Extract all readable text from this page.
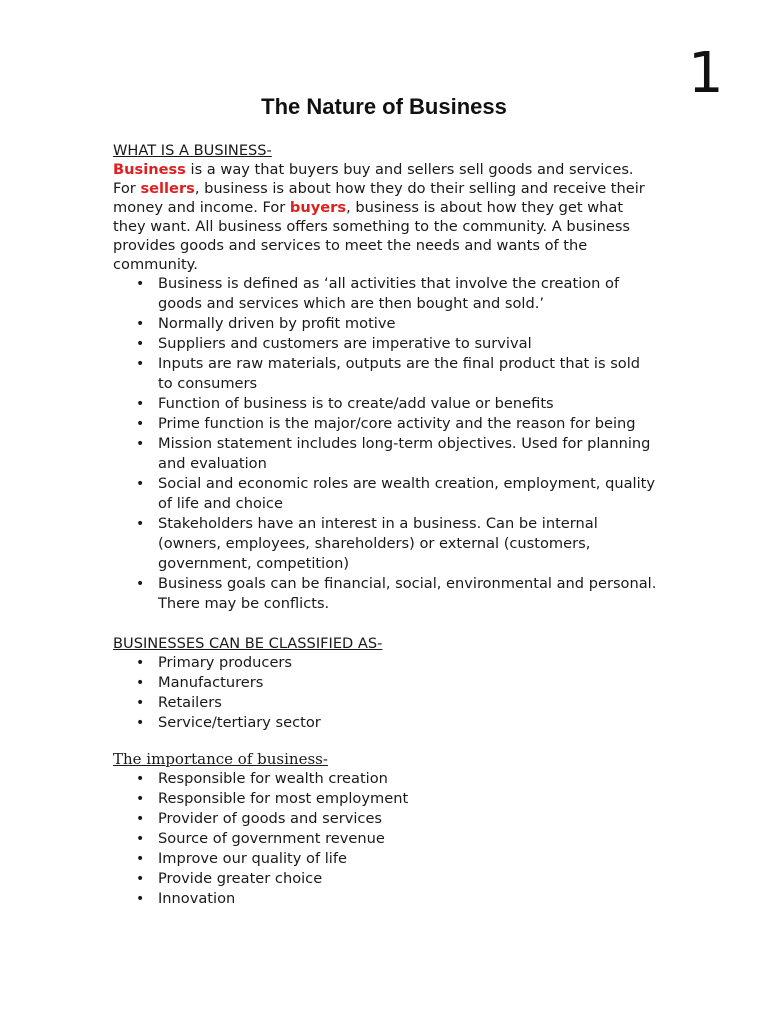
1
The Nature of Business

WHAT IS A BUSINESS-

Business is a way that buyers buy and sellers sell goods and services. For sellers, business is about how they do their selling and receive their money and income. For buyers, business is about how they get what they want. All business offers something to the community. A business provides goods and services to meet the needs and wants of the community.

• Business is defined as ‘all activities that involve the creation of goods and services which are then bought and sold.’
• Normally driven by profit motive
• Suppliers and customers are imperative to survival
• Inputs are raw materials, outputs are the final product that is sold to consumers
• Function of business is to create/add value or benefits
• Prime function is the major/core activity and the reason for being
• Mission statement includes long-term objectives. Used for planning and evaluation
• Social and economic roles are wealth creation, employment, quality of life and choice
• Stakeholders have an interest in a business. Can be internal (owners, employees, shareholders) or external (customers, government, competition)
• Business goals can be financial, social, environmental and personal. There may be conflicts.

BUSINESSES CAN BE CLASSIFIED AS-

• Primary producers
• Manufacturers
• Retailers
• Service/tertiary sector

The importance of business-

• Responsible for wealth creation
• Responsible for most employment
• Provider of goods and services
• Source of government revenue
• Improve our quality of life
• Provide greater choice
• Innovation
